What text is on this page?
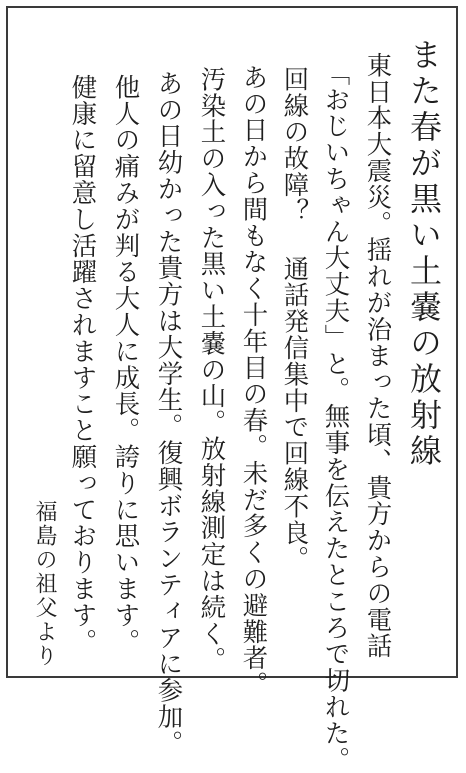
また春が黒い土嚢の放射線
東日本大震災。揺れが治まった頃、貴方からの電話
「おじいちゃん大丈夫」と。無事を伝えたところで切れた。
回線の故障？ 通話発信集中で回線不良。
あの日から間もなく十年目の春。未だ多くの避難者。
汚染土の入った黒い土嚢の山。放射線測定は続く。
あの日幼かった貴方は大学生。復興ボランティアに参加。
他人の痛みが判る大人に成長。誇りに思います。
健康に留意し活躍されますこと願っております。
福島の祖父より
